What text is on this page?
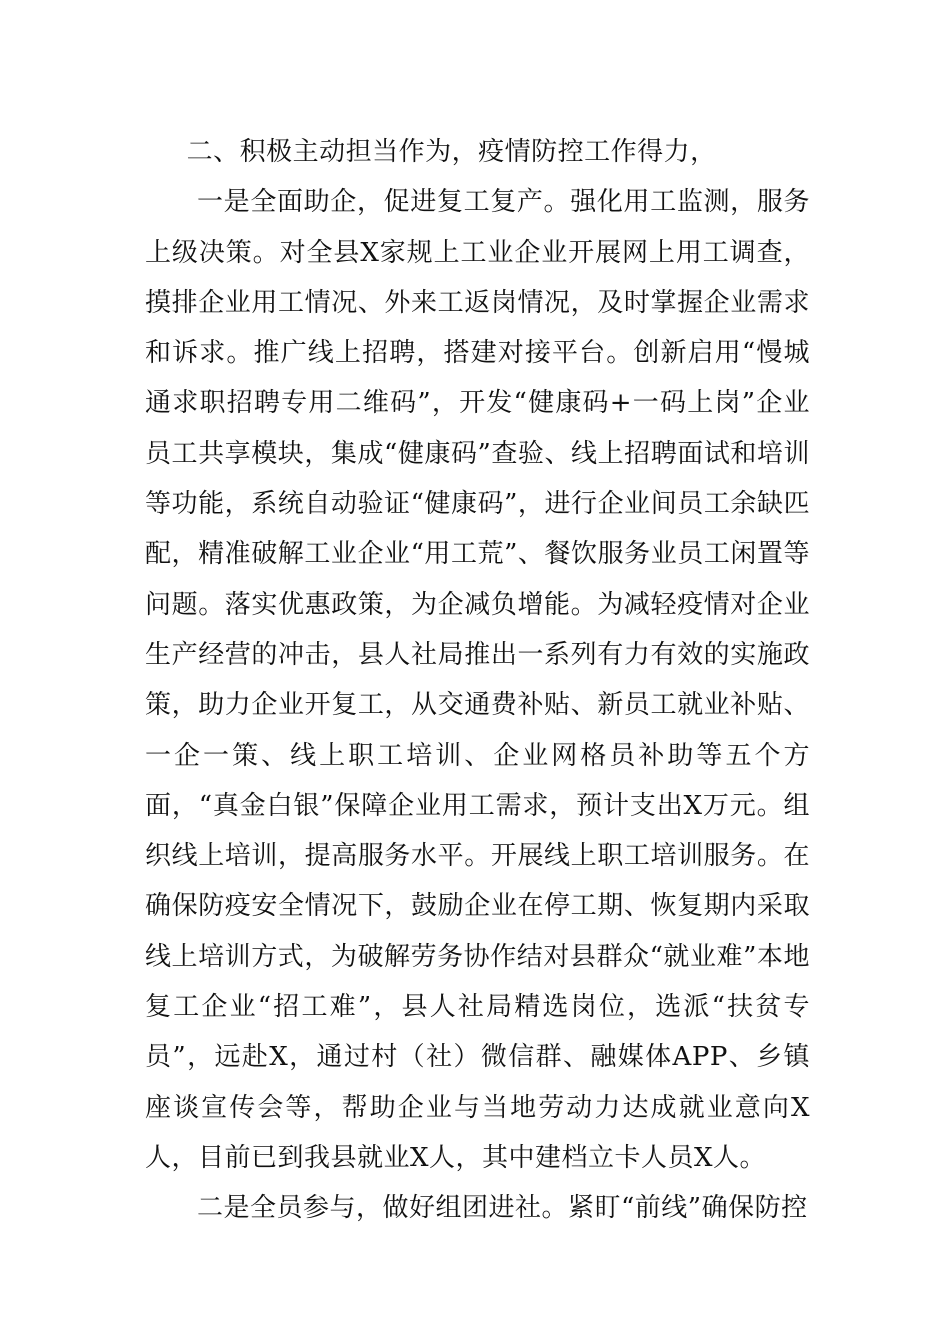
二、积极主动担当作为，疫情防控工作得力，

一是全面助企，促进复工复产。强化用工监测，服务上级决策。对全县X家规上工业企业开展网上用工调查，摸排企业用工情况、外来工返岗情况，及时掌握企业需求和诉求。推广线上招聘，搭建对接平台。创新启用“慢城通求职招聘专用二维码”，开发“健康码+一码上岗”企业员工共享模块，集成“健康码”查验、线上招聘面试和培训等功能，系统自动验证“健康码”，进行企业间员工余缺匹配，精准破解工业企业“用工荒”、餐饮服务业员工闲置等问题。落实优惠政策，为企减负增能。为减轻疫情对企业生产经营的冲击，县人社局推出一系列有力有效的实施政策，助力企业开复工，从交通费补贴、新员工就业补贴、一企一策、线上职工培训、企业网格员补助等五个方面，“真金白银”保障企业用工需求，预计支出X万元。组织线上培训，提高服务水平。开展线上职工培训服务。在确保防疫安全情况下，鼓励企业在停工期、恢复期内采取线上培训方式，为破解劳务协作结对县群众“就业难”本地复工企业“招工难”，县人社局精选岗位，选派“扶贫专员”，远赴X，通过村（社）微信群、融媒体APP、乡镇座谈宣传会等，帮助企业与当地劳动力达成就业意向X人，目前已到我县就业X人，其中建档立卡人员X人。

二是全员参与，做好组团进社。紧盯“前线”确保防控
